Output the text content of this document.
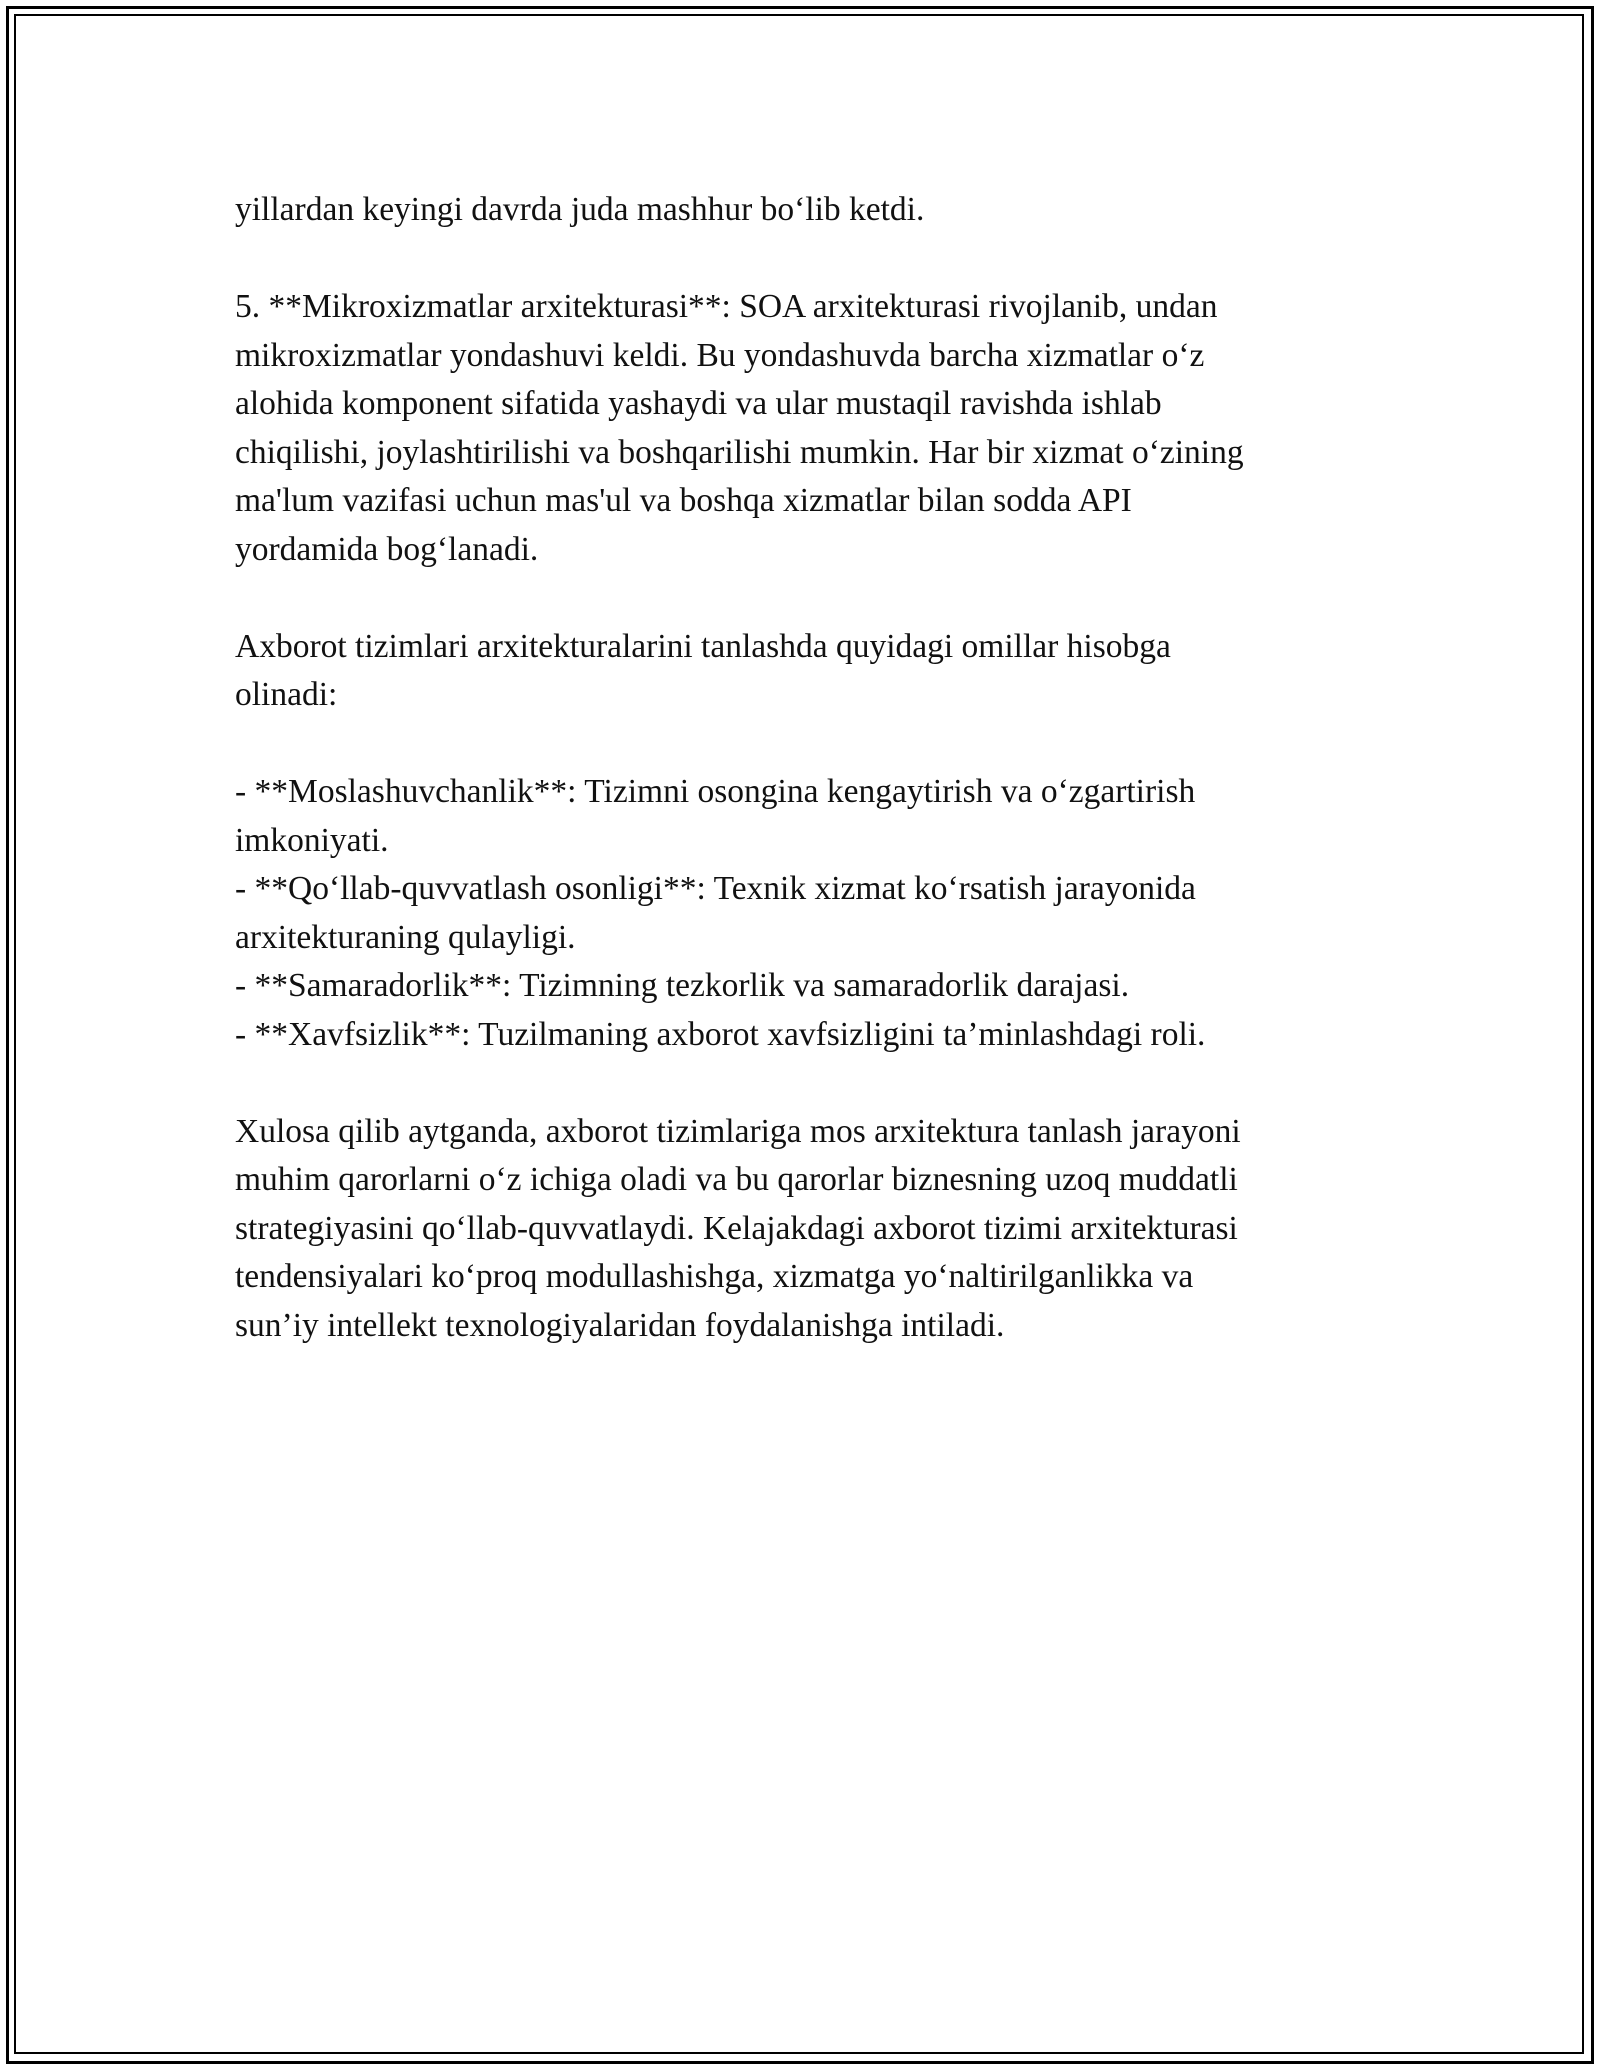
yillardan keyingi davrda juda mashhur bo‘lib ketdi.

5. **Mikroxizmatlar arxitekturasi**: SOA arxitekturasi rivojlanib, undan
mikroxizmatlar yondashuvi keldi. Bu yondashuvda barcha xizmatlar o‘z
alohida komponent sifatida yashaydi va ular mustaqil ravishda ishlab
chiqilishi, joylashtirilishi va boshqarilishi mumkin. Har bir xizmat o‘zining
ma'lum vazifasi uchun mas'ul va boshqa xizmatlar bilan sodda API
yordamida bog‘lanadi.

Axborot tizimlari arxitekturalarini tanlashda quyidagi omillar hisobga
olinadi:

- **Moslashuvchanlik**: Tizimni osongina kengaytirish va o‘zgartirish
imkoniyati.
- **Qo‘llab-quvvatlash osonligi**: Texnik xizmat ko‘rsatish jarayonida
arxitekturaning qulayligi.
- **Samaradorlik**: Tizimning tezkorlik va samaradorlik darajasi.
- **Xavfsizlik**: Tuzilmaning axborot xavfsizligini ta’minlashdagi roli.

Xulosa qilib aytganda, axborot tizimlariga mos arxitektura tanlash jarayoni
muhim qarorlarni o‘z ichiga oladi va bu qarorlar biznesning uzoq muddatli
strategiyasini qo‘llab-quvvatlaydi. Kelajakdagi axborot tizimi arxitekturasi
tendensiyalari ko‘proq modullashishga, xizmatga yo‘naltirilganlikka va
sun’iy intellekt texnologiyalaridan foydalanishga intiladi.
